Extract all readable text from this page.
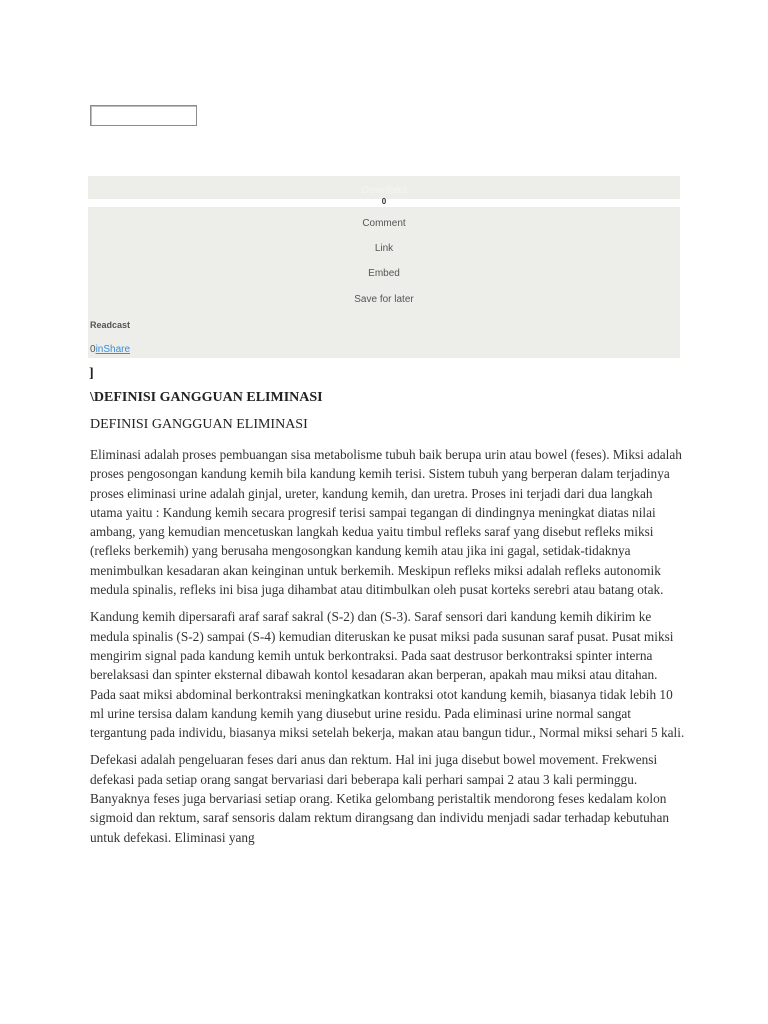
Download
0
Comment
Link
Embed
Save for later
Readcast
0inShare
]
\DEFINISI GANGGUAN ELIMINASI
DEFINISI GANGGUAN ELIMINASI

Eliminasi adalah proses pembuangan sisa metabolisme tubuh baik berupa urin atau bowel (feses). Miksi adalah proses pengosongan kandung kemih bila kandung kemih terisi. Sistem tubuh yang berperan dalam terjadinya proses eliminasi urine adalah ginjal, ureter, kandung kemih, dan uretra. Proses ini terjadi dari dua langkah utama yaitu : Kandung kemih secara progresif terisi sampai tegangan di dindingnya meningkat diatas nilai ambang, yang kemudian mencetuskan langkah kedua yaitu timbul refleks saraf yang disebut refleks miksi (refleks berkemih) yang berusaha mengosongkan kandung kemih atau jika ini gagal, setidak-tidaknya menimbulkan kesadaran akan keinginan untuk berkemih. Meskipun refleks miksi adalah refleks autonomik medula spinalis, refleks ini bisa juga dihambat atau ditimbulkan oleh pusat korteks serebri atau batang otak.

Kandung kemih dipersarafi araf saraf sakral (S-2) dan (S-3). Saraf sensori dari kandung kemih dikirim ke medula spinalis (S-2) sampai (S-4) kemudian diteruskan ke pusat miksi pada susunan saraf pusat. Pusat miksi mengirim signal pada kandung kemih untuk berkontraksi. Pada saat destrusor berkontraksi spinter interna berelaksasi dan spinter eksternal dibawah kontol kesadaran akan berperan, apakah mau miksi atau ditahan. Pada saat miksi abdominal berkontraksi meningkatkan kontraksi otot kandung kemih, biasanya tidak lebih 10 ml urine tersisa dalam kandung kemih yang diusebut urine residu. Pada eliminasi urine normal sangat tergantung pada individu, biasanya miksi setelah bekerja, makan atau bangun tidur., Normal miksi sehari 5 kali.

Defekasi adalah pengeluaran feses dari anus dan rektum. Hal ini juga disebut bowel movement. Frekwensi defekasi pada setiap orang sangat bervariasi dari beberapa kali perhari sampai 2 atau 3 kali perminggu. Banyaknya feses juga bervariasi setiap orang. Ketika gelombang peristaltik mendorong feses kedalam kolon sigmoid dan rektum, saraf sensoris dalam rektum dirangsang dan individu menjadi sadar terhadap kebutuhan untuk defekasi. Eliminasi yang
